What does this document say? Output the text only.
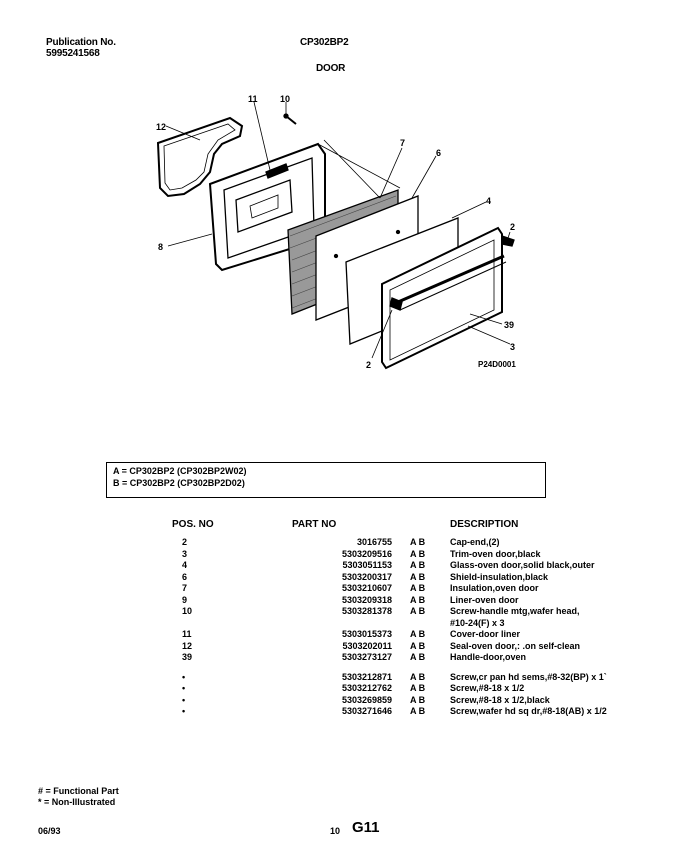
Publication No.
5995241568
CP302BP2
DOOR
12
11 10
7
6
4
2
8
39
3
2	P24D0001
A = CP302BP2 (CP302BP2W02)
B = CP302BP2 (CP302BP2D02)
POS. NO	PART NO		DESCRIPTION
2	3016755	A B	Cap-end,(2)
3	5303209516	A B	Trim-oven door,black
4	5303051153	A B	Glass-oven door,solid black,outer
6	5303200317	A B	Shield-insulation,black
7	5303210607	A B	Insulation,oven door
9	5303209318	A B	Liner-oven door
10	5303281378	A B	Screw-handle mtg,wafer head,
			#10-24(F) x 3
11	5303015373	A B	Cover-door liner
12	5303202011	A B	Seal-oven door,: .on self-clean
39	5303273127	A B	Handle-door,oven

•	5303212871	A B	Screw,cr pan hd sems,#8-32(BP) x 1`
•	5303212762	A B	Screw,#8-18 x 1/2
•	5303269859	A B	Screw,#8-18 x 1/2,black
•	5303271646	A B	Screw,wafer hd sq dr,#8-18(AB) x 1/2
# = Functional Part
* = Non-Illustrated
06/93	10 G11
